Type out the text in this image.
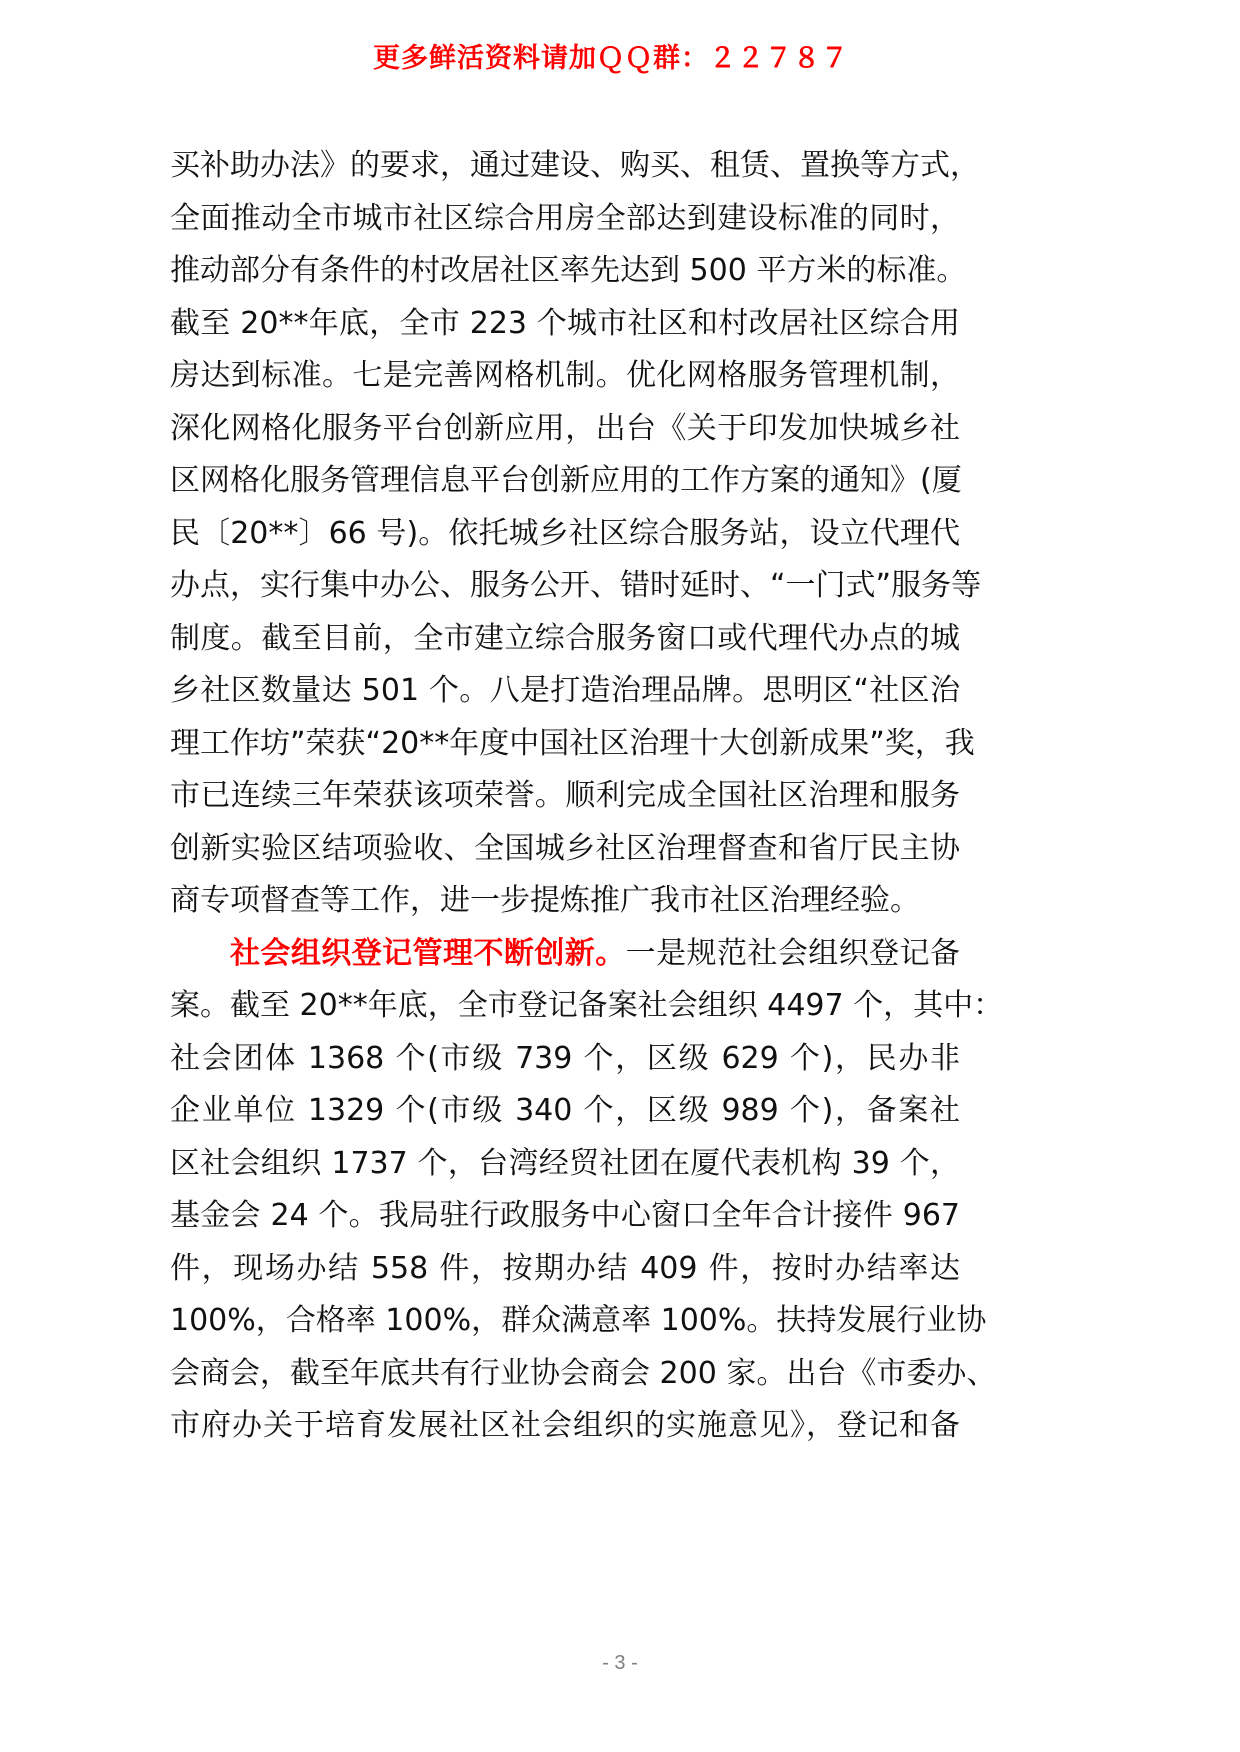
更多鲜活资料请加ＱＱ群：２２７８７
买补助办法》的要求，通过建设、购买、租赁、置换等方式，
全面推动全市城市社区综合用房全部达到建设标准的同时，
推动部分有条件的村改居社区率先达到 500 平方米的标准。
截至 20**年底，全市 223 个城市社区和村改居社区综合用
房达到标准。七是完善网格机制。优化网格服务管理机制，
深化网格化服务平台创新应用，出台《关于印发加快城乡社
区网格化服务管理信息平台创新应用的工作方案的通知》(厦
民〔20**〕66 号)。依托城乡社区综合服务站，设立代理代
办点，实行集中办公、服务公开、错时延时、“一门式”服务等
制度。截至目前，全市建立综合服务窗口或代理代办点的城
乡社区数量达 501 个。八是打造治理品牌。思明区“社区治
理工作坊”荣获“20**年度中国社区治理十大创新成果”奖，我
市已连续三年荣获该项荣誉。顺利完成全国社区治理和服务
创新实验区结项验收、全国城乡社区治理督查和省厅民主协
商专项督查等工作，进一步提炼推广我市社区治理经验。
社会组织登记管理不断创新。一是规范社会组织登记备
案。截至 20**年底，全市登记备案社会组织 4497 个，其中：
社会团体 1368 个(市级 739 个，区级 629 个)，民办非
企业单位 1329 个(市级 340 个，区级 989 个)，备案社
区社会组织 1737 个，台湾经贸社团在厦代表机构 39 个，
基金会 24 个。我局驻行政服务中心窗口全年合计接件 967
件，现场办结 558 件，按期办结 409 件，按时办结率达
100%，合格率 100%，群众满意率 100%。扶持发展行业协
会商会，截至年底共有行业协会商会 200 家。出台《市委办、
市府办关于培育发展社区社会组织的实施意见》，登记和备
- 3 -
